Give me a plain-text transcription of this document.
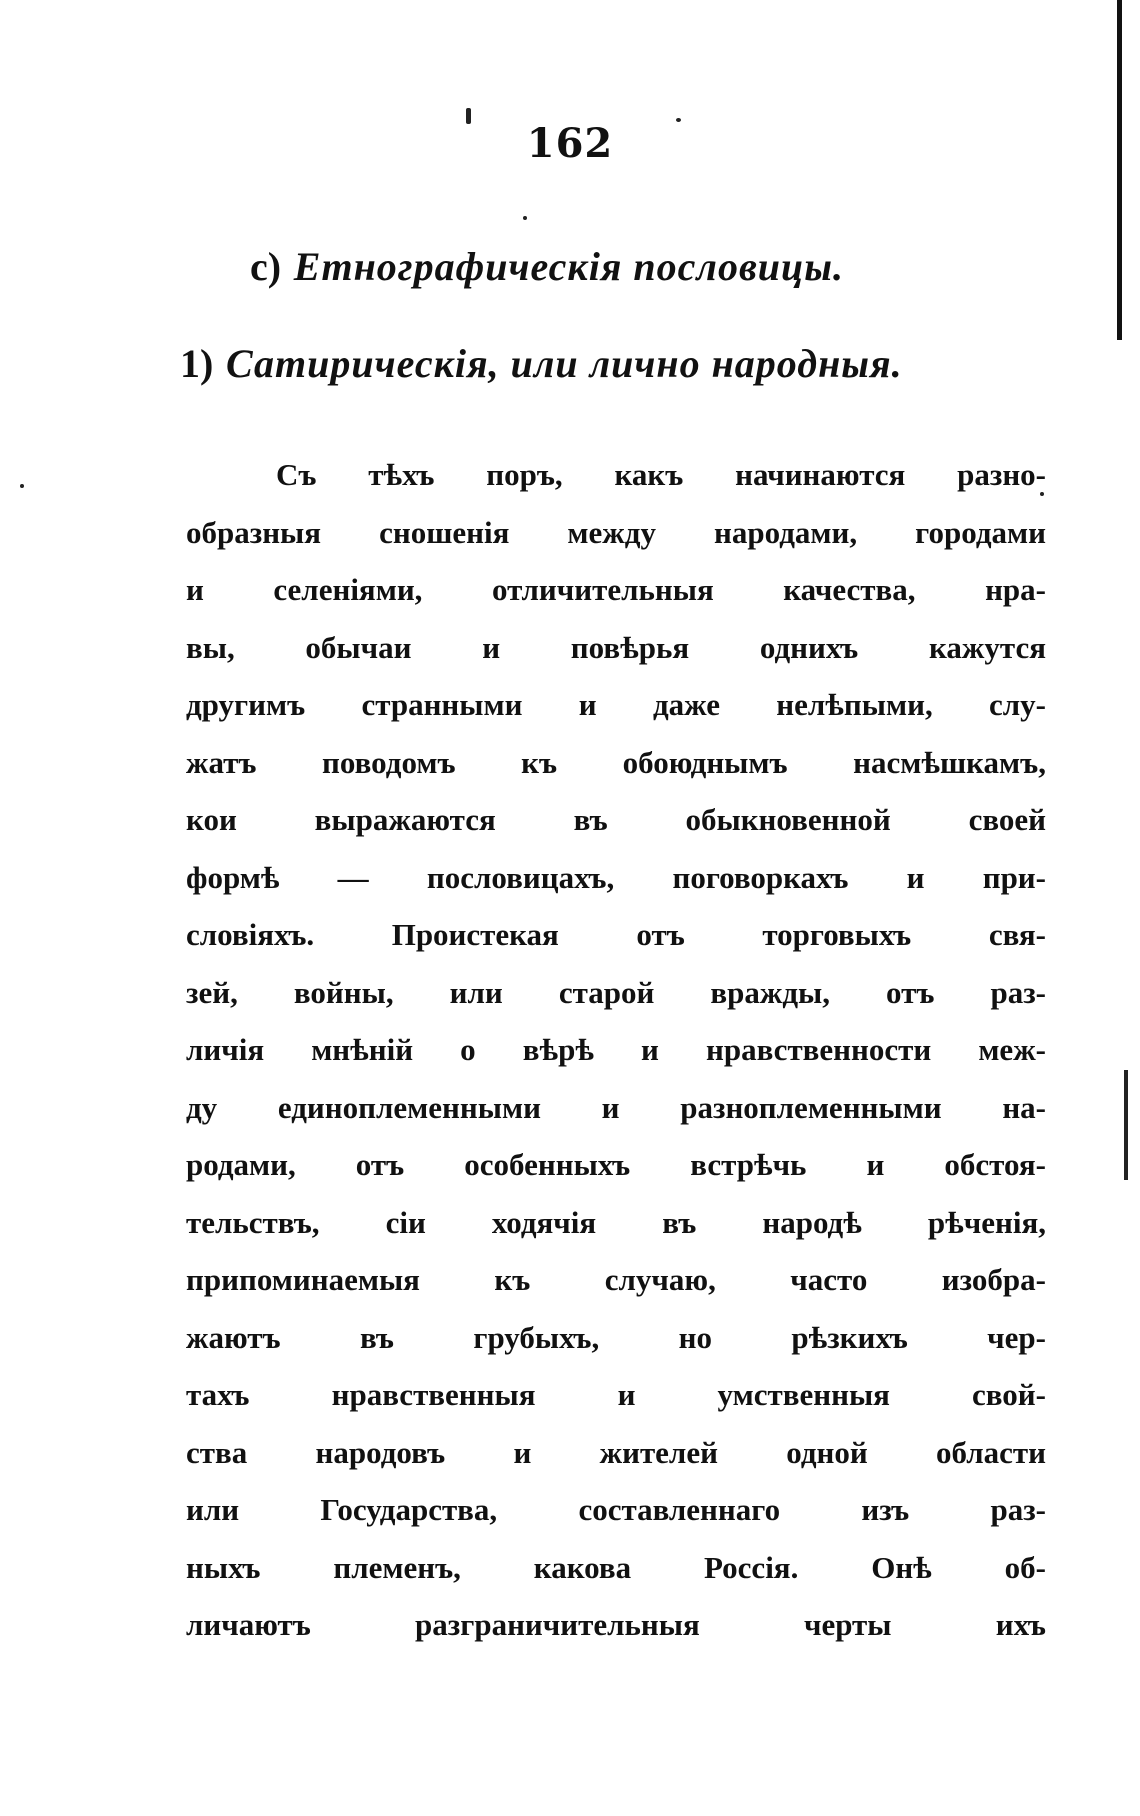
162
с) Етнографическія пословицы.
1) Сатирическія, или лично народныя.
Съ тѣхъ поръ, какъ начинаются разно-
образныя сношенія между народами, городами
и селеніями, отличительныя качества, нра-
вы, обычаи и повѣрья однихъ кажутся
другимъ странными и даже нелѣпыми, слу-
жатъ поводомъ къ обоюднымъ насмѣшкамъ,
кои выражаются въ обыкновенной своей
формѣ — пословицахъ, поговоркахъ и при-
словіяхъ. Проистекая отъ торговыхъ свя-
зей, войны, или старой вражды, отъ раз-
личія мнѣній о вѣрѣ и нравственности меж-
ду единоплеменными и разноплеменными на-
родами, отъ особенныхъ встрѣчь и обстоя-
тельствъ, сіи ходячія въ народѣ рѣченія,
припоминаемыя къ случаю, часто изобра-
жаютъ въ грубыхъ, но рѣзкихъ чер-
тахъ нравственныя и умственныя свой-
ства народовъ и жителей одной области
или Государства, составленнаго изъ раз-
ныхъ племенъ, какова Россія. Онѣ об-
личаютъ разграничительныя черты ихъ
